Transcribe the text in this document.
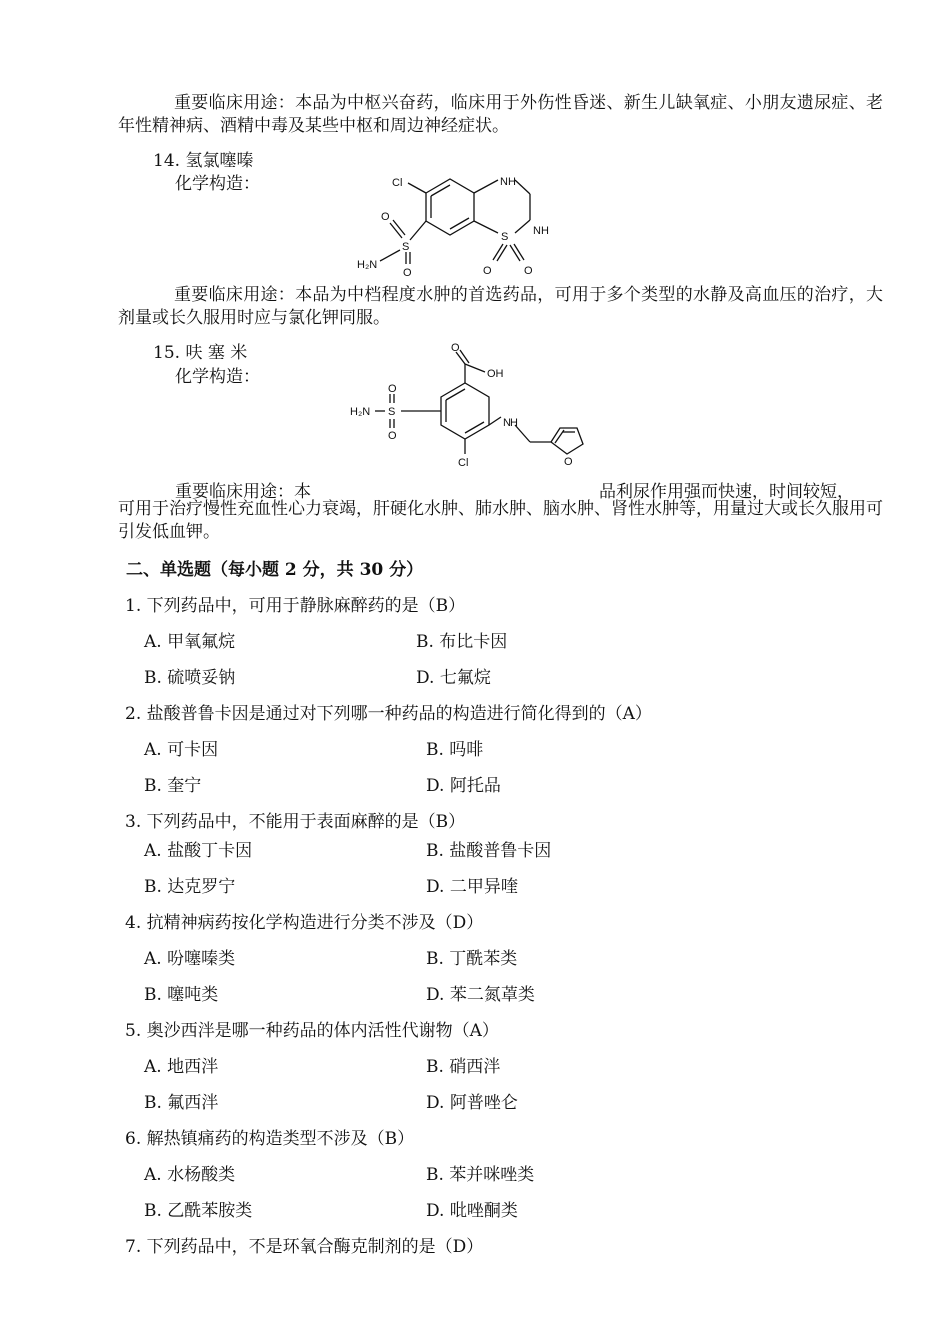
重要临床用途：本品为中枢兴奋药，临床用于外伤性昏迷、新生儿缺氧症、小朋友遗尿症、老年性精神病、酒精中毒及某些中枢和周边神经症状。
14. 氢氯噻嗪
化学构造：	Cl	NH
NH
S
O	O
S
O
O
H₂N
重要临床用途：本品为中档程度水肿的首选药品，可用于多个类型的水静及高血压的治疗，大剂量或长久服用时应与氯化钾同服。
15. 呋 塞 米
化学构造：
O
OH
S
O
O
H₂N
N H
Cl	O
重要临床用途：本	品利尿作用强而快速，时间较短，
可用于治疗慢性充血性心力衰竭，肝硬化水肿、肺水肿、脑水肿、肾性水肿等，用量过大或长久服用可引发低血钾。
二、单选题（每小题 2 分，共 30 分）
1. 下列药品中，可用于静脉麻醉药的是（B）
A. 甲氧氟烷	B. 布比卡因
B. 硫喷妥钠	D. 七氟烷
2. 盐酸普鲁卡因是通过对下列哪一种药品的构造进行简化得到的（A）
A. 可卡因	B. 吗啡
B. 奎宁	D. 阿托品
3. 下列药品中，不能用于表面麻醉的是（B）
A. 盐酸丁卡因	B. 盐酸普鲁卡因
B. 达克罗宁	D. 二甲异喹
4. 抗精神病药按化学构造进行分类不涉及（D）
A. 吩噻嗪类	B. 丁酰苯类
B. 噻吨类	D. 苯二氮䓬类
5. 奥沙西泮是哪一种药品的体内活性代谢物（A）
A. 地西泮	B. 硝西泮
B. 氟西泮	D. 阿普唑仑
6. 解热镇痛药的构造类型不涉及（B）
A. 水杨酸类	B. 苯并咪唑类
B. 乙酰苯胺类	D. 吡唑酮类
7. 下列药品中，不是环氧合酶克制剂的是（D）
